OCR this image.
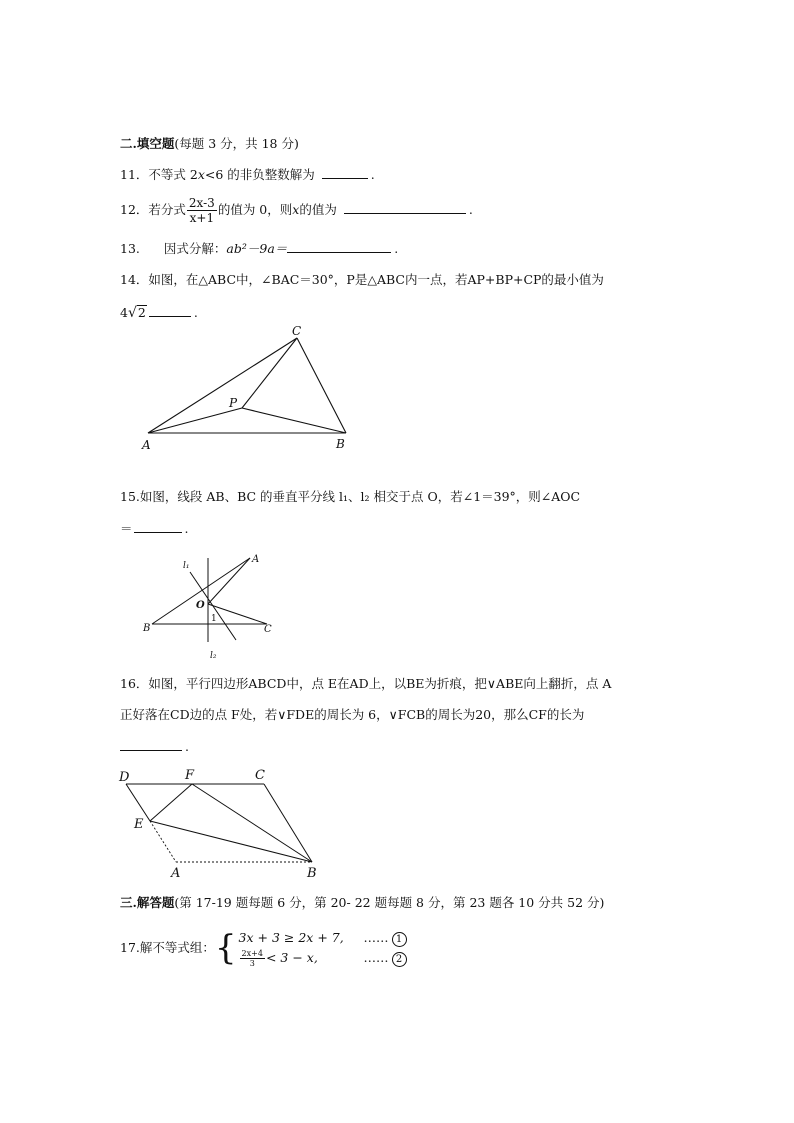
二.填空题(每题 3 分，共 18 分)
11．不等式 2x<6 的非负整数解为	.
12．若分式 $\frac{2x-3}{x+1}$ 的值为 0，则x的值为	.
13. 因式分解：ab²－9a＝	.
14．如图，在△ABC中，∠BAC＝30°，P是△ABC内一点，若AP+BP+CP的最小值为
4√2	.
A	B
C
P
15.如图，线段 AB、BC 的垂直平分线 l₁、l₂ 相交于点 O，若∠1＝39°，则∠AOC
＝	.
l₁
A
B	C
O
1
l₂
16．如图，平行四边形ABCD中，点 E在AD上，以BE为折痕，把∨ABE向上翻折，点 A
正好落在CD边的点 F处，若∨FDE的周长为 6，∨FCB的周长为20，那么CF的长为
.
D	F	C
E
A	B
三.解答题(第 17-19 题每题 6 分，第 20- 22 题每题 8 分，第 23 题各 10 分共 52 分)
17.解不等式组：{ 3x + 3 ≥ 2x + 7, …… 1
$\frac{2x+4}{3} < 3 - x$,	…… 2
